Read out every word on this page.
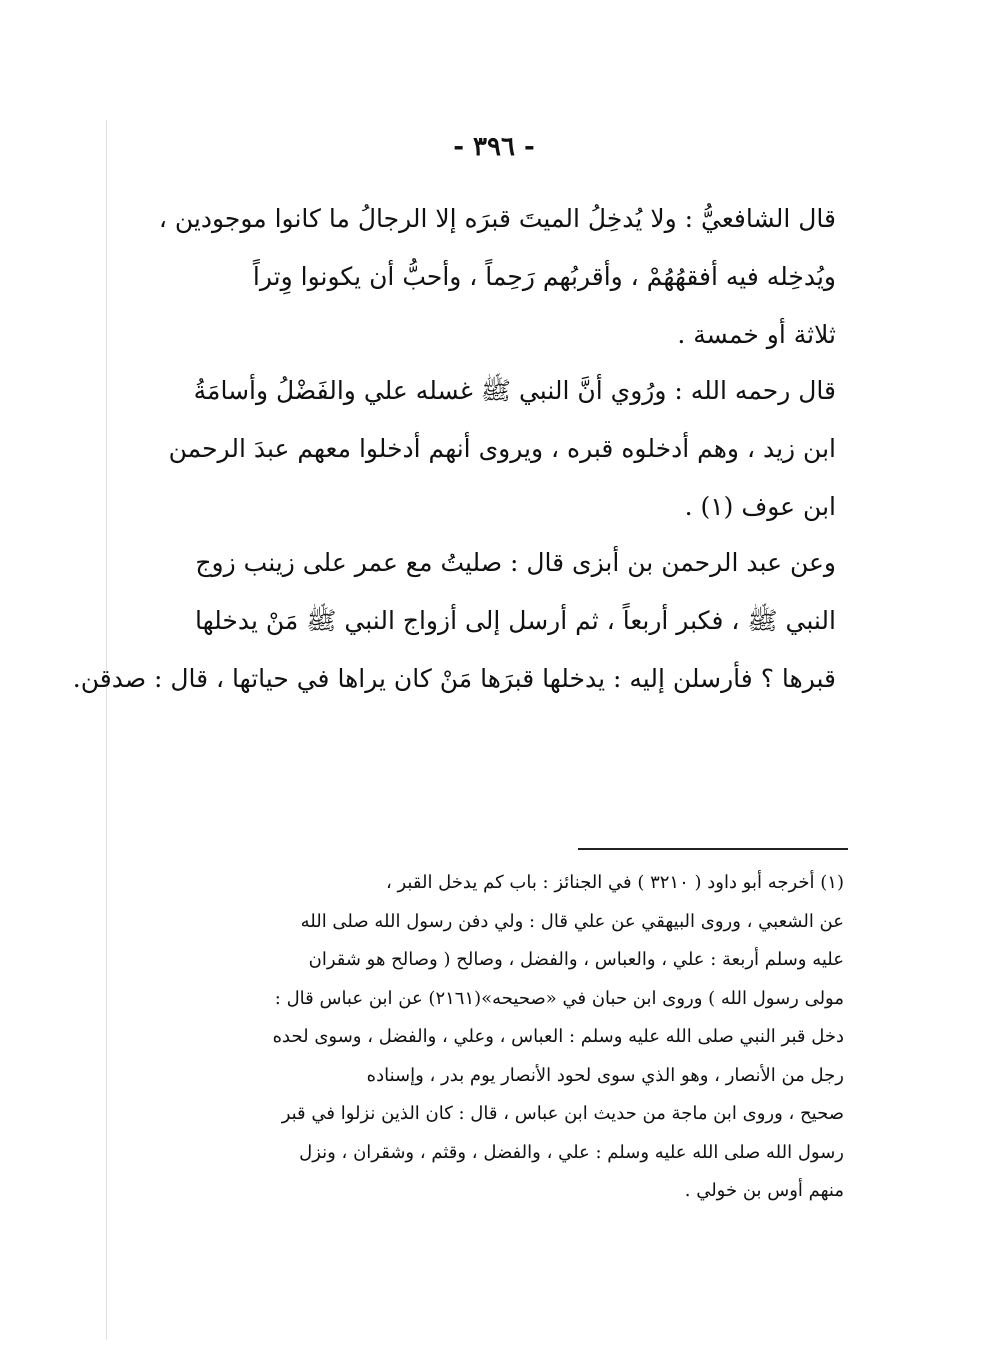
- ٣٩٦ -
قال الشافعيُّ : ولا يُدخِلُ الميتَ قبرَه إلا الرجالُ ما كانوا موجودين ،
ويُدخِله فيه أفقهُهُمْ ، وأقربُهم رَحِماً ، وأحبُّ أن يكونوا وِتراً
ثلاثة أو خمسة .
قال رحمه الله : ورُوي أنَّ النبي ﷺ غسله علي والفَضْلُ وأسامَةُ
ابن زيد ، وهم أدخلوه قبره ، ويروى أنهم أدخلوا معهم عبدَ الرحمن
ابن عوف (١) .
وعن عبد الرحمن بن أبزى قال : صليتُ مع عمر على زينب زوج
النبي ﷺ ، فكبر أربعاً ، ثم أرسل إلى أزواج النبي ﷺ مَنْ يدخلها
قبرها ؟ فأرسلن إليه : يدخلها قبرَها مَنْ كان يراها في حياتها ، قال : صدقن.
(١) أخرجه أبو داود ( ٣٢١٠ ) في الجنائز : باب كم يدخل القبر ،
عن الشعبي ، وروى البيهقي عن علي قال : ولي دفن رسول الله صلى الله
عليه وسلم أربعة : علي ، والعباس ، والفضل ، وصالح ( وصالح هو شقران
مولى رسول الله ) وروى ابن حبان في «صحيحه»(٢١٦١) عن ابن عباس قال :
دخل قبر النبي صلى الله عليه وسلم : العباس ، وعلي ، والفضل ، وسوى لحده
رجل من الأنصار ، وهو الذي سوى لحود الأنصار يوم بدر ، وإسناده
صحيح ، وروى ابن ماجة من حديث ابن عباس ، قال : كان الذين نزلوا في قبر
رسول الله صلى الله عليه وسلم : علي ، والفضل ، وقثم ، وشقران ، ونزل
منهم أوس بن خولي .
